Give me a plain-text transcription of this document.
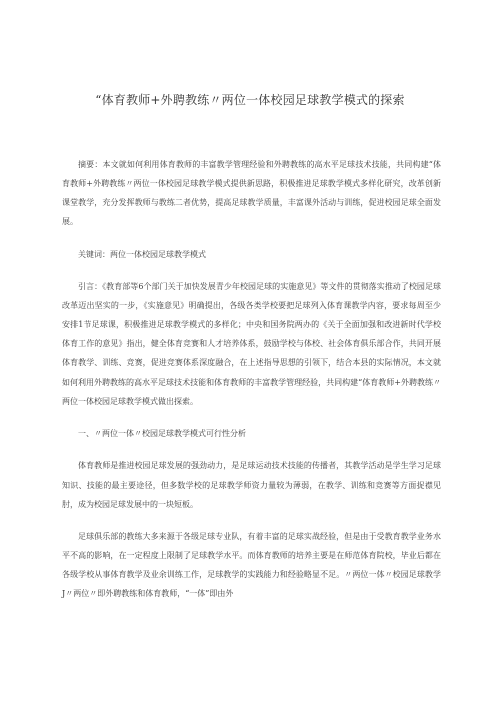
“体育教师+外聘教练〃两位一体校园足球教学模式的探索

摘要：本文就如何利用体育教师的丰富教学管理经验和外聘教练的高水平足球技术技能，共同构建“体育教师+外聘教练〃两位一体校园足球教学模式提供新思路，积极推进足球教学模式多样化研究，改革创新课堂教学，充分发挥教师与教练二者优势，提高足球教学质量，丰富课外活动与训练，促进校园足球全面发展。

关键词：两位一体校园足球教学模式

引言：《教育部等6个部门关于加快发展青少年校园足球的实施意见》等文件的贯彻落实推动了校园足球改革迈出坚实的一步，《实施意见》明确提出，各级各类学校要把足球列入体育课教学内容，要求每周至少安排1节足球课，积极推进足球教学模式的多样化；中央和国务院两办的《关于全面加强和改进新时代学校体育工作的意见》指出，健全体育竞赛和人才培养体系，鼓励学校与体校、社会体育俱乐部合作，共同开展体育教学、训练、竞赛，促进竞赛体系深度融合，在上述指导思想的引领下，结合本县的实际情况，本文就如何利用外聘教练的高水平足球技术技能和体育教师的丰富教学管理经验，共同构建“体育教师+外聘教练〃两位一体校园足球教学模式做出探索。

一、〃两位一体〃校园足球教学模式可行性分析

体育教师是推进校园足球发展的强劲动力，是足球运动技术技能的传播者，其教学活动是学生学习足球知识、技能的最主要途径，但多数学校的足球教学师资力量较为薄弱，在教学、训练和竞赛等方面捉襟见肘，成为校园足球发展中的一块短板。

足球俱乐部的教练大多来源于各级足球专业队，有着丰富的足球实战经验，但是由于受教育教学业务水平不高的影响，在一定程度上限制了足球教学水平。而体育教师的培养主要是在师范体育院校，毕业后都在各级学校从事体育教学及业余训练工作，足球教学的实践能力和经验略显不足。〃两位一体〃校园足球教学J〃两位〃即外聘教练和体育教师，“一体”即由外
